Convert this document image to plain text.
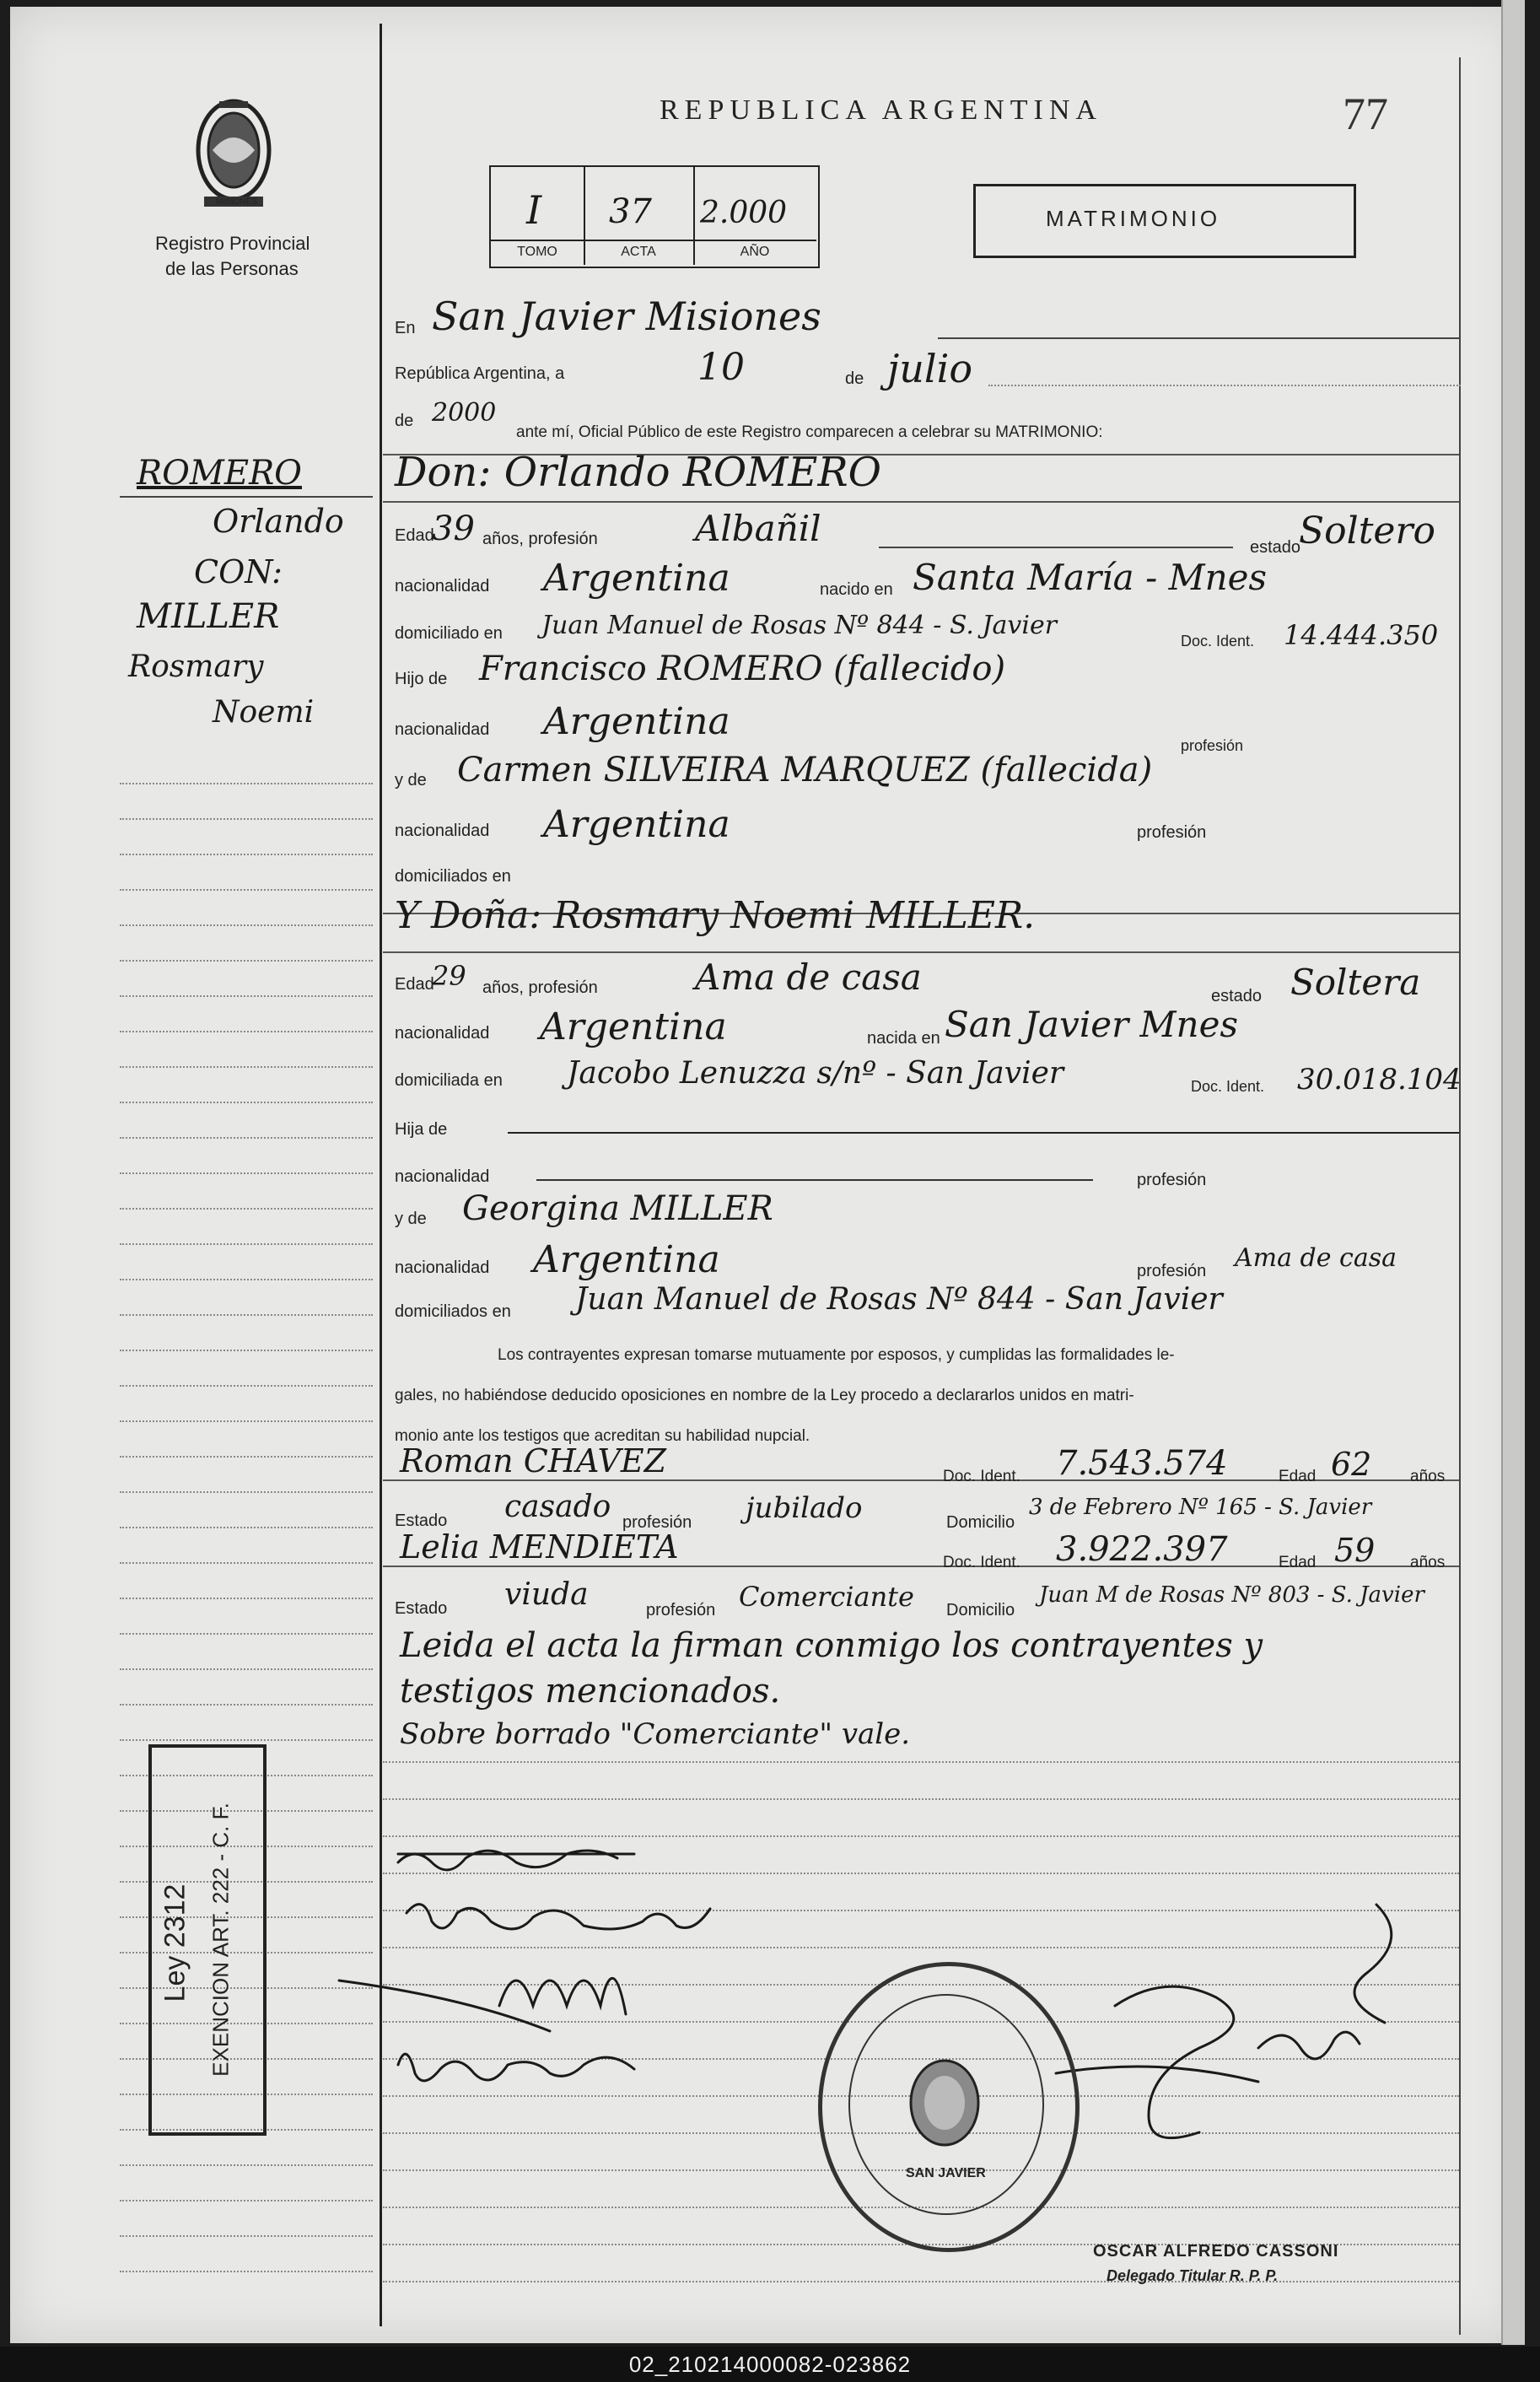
MISIONES
Registro Provincial
de las Personas
REPUBLICA ARGENTINA	77
I 37 2.000
TOMO	ACTA	AÑO
MATRIMONIO
ROMERO
Orlando
CON:
MILLER
Rosmary
Noemi
Ley 2312 EXENCION ART. 222 - C. F.
En San Javier Misiones
República Argentina, a	10	de julio
de 2000
ante mí, Oficial Público de este Registro comparecen a celebrar su MATRIMONIO:
Don: Orlando ROMERO
Edad
39 años, profesión	Albañil	estado
Soltero
nacionalidad Argentina	nacido en Santa María - Mnes
domiciliado en Juan Manuel de Rosas Nº 844 - S. Javier
Doc. Ident. 14.444.350
Hijo de Francisco ROMERO (fallecido)
nacionalidad Argentina
profesión
y de Carmen SILVEIRA MARQUEZ (fallecida)
nacionalidad Argentina	profesión
domiciliados en
Y Doña: Rosmary Noemi MILLER.
Edad
29 años, profesión	Ama de casa	estado Soltera
nacionalidad Argentina	nacida en San Javier Mnes
domiciliada en Jacobo Lenuzza s/nº - San Javier	Doc. Ident. 30.018.104
Hija de
nacionalidad	profesión
y de Georgina MILLER
nacionalidad Argentina	profesión Ama de casa
domiciliados en Juan Manuel de Rosas Nº 844 - San Javier
Los contrayentes expresan tomarse mutuamente por esposos, y cumplidas las formalidades le-
gales, no habiéndose deducido oposiciones en nombre de la Ley procedo a declararlos unidos en matri-
monio ante los testigos que acreditan su habilidad nupcial.
Roman CHAVEZ	Doc. Ident. 7.543.574	Edad 62 años
Estado casado profesión jubilado	Domicilio
3 de Febrero Nº 165 - S. Javier
Lelia MENDIETA	Doc. Ident. 3.922.397	Edad 59 años
Estado viuda	profesión Comerciante Domicilio
Juan M de Rosas Nº 803 - S. Javier
Leida el acta la firman conmigo los contrayentes y
testigos mencionados.
Sobre borrado "Comerciante" vale.
SAN JAVIER
OSCAR ALFREDO CASSONI
Delegado Titular R. P. P.
02_210214000082-023862
